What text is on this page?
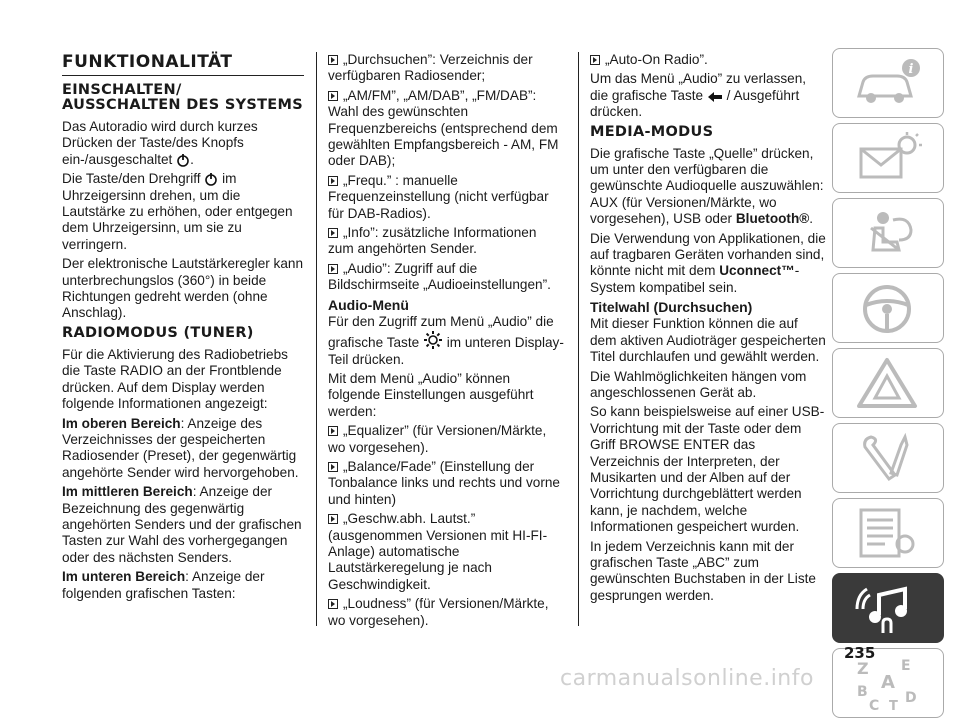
FUNKTIONALITÄT
EINSCHALTEN/ AUSSCHALTEN DES SYSTEMS

Das Autoradio wird durch kurzes Drücken der Taste/des Knopfs ein-/ausgeschaltet .

Die Taste/den Drehgriff im Uhrzeigersinn drehen, um die Lautstärke zu erhöhen, oder entgegen dem Uhrzeigersinn, um sie zu verringern.

Der elektronische Lautstärkeregler kann unterbrechungslos (360°) in beide Richtungen gedreht werden (ohne Anschlag).

RADIOMODUS (TUNER)

Für die Aktivierung des Radiobetriebs die Taste RADIO an der Frontblende drücken. Auf dem Display werden folgende Informationen angezeigt:

Im oberen Bereich: Anzeige des Verzeichnisses der gespeicherten Radiosender (Preset), der gegenwärtig angehörte Sender wird hervorgehoben.

Im mittleren Bereich: Anzeige der Bezeichnung des gegenwärtig angehörten Senders und der grafischen Tasten zur Wahl des vorhergegangen oder des nächsten Senders.

Im unteren Bereich: Anzeige der folgenden grafischen Tasten:

„Durchsuchen”: Verzeichnis der verfügbaren Radiosender;

„AM/FM”, „AM/DAB”, „FM/DAB”: Wahl des gewünschten Frequenzbereichs (entsprechend dem gewählten Empfangsbereich - AM, FM oder DAB);

„Frequ.” : manuelle Frequenzeinstellung (nicht verfügbar für DAB-Radios).

„Info”: zusätzliche Informationen zum angehörten Sender.

„Audio”: Zugriff auf die Bildschirmseite „Audioeinstellungen”.

Audio-Menü

Für den Zugriff zum Menü „Audio” die grafische Taste im unteren Display-Teil drücken.

Mit dem Menü „Audio” können folgende Einstellungen ausgeführt werden:

„Equalizer” (für Versionen/Märkte, wo vorgesehen).

„Balance/Fade” (Einstellung der Tonbalance links und rechts und vorne und hinten)

„Geschw.abh. Lautst.” (ausgenommen Versionen mit HI-FI-Anlage) automatische Lautstärkeregelung je nach Geschwindigkeit.

„Loudness” (für Versionen/Märkte, wo vorgesehen).

„Auto-On Radio”.

Um das Menü „Audio” zu verlassen, die grafische Taste / Ausgeführt drücken.

MEDIA-MODUS

Die grafische Taste „Quelle” drücken, um unter den verfügbaren die gewünschte Audioquelle auszuwählen: AUX (für Versionen/Märkte, wo vorgesehen), USB oder Bluetooth®.

Die Verwendung von Applikationen, die auf tragbaren Geräten vorhanden sind, könnte nicht mit dem Uconnect™-System kompatibel sein.

Titelwahl (Durchsuchen)

Mit dieser Funktion können die auf dem aktiven Audioträger gespeicherten Titel durchlaufen und gewählt werden.

Die Wahlmöglichkeiten hängen vom angeschlossenen Gerät ab.

So kann beispielsweise auf einer USB-Vorrichtung mit der Taste oder dem Griff BROWSE ENTER das Verzeichnis der Interpreten, der Musikarten und der Alben auf der Vorrichtung durchgeblättert werden kann, je nachdem, welche Informationen gespeichert wurden.

In jedem Verzeichnis kann mit der grafischen Taste „ABC” zum gewünschten Buchstaben in der Liste gesprungen werden.

i
Z E
A
B
C T
D
235
carmanualsonline.info
